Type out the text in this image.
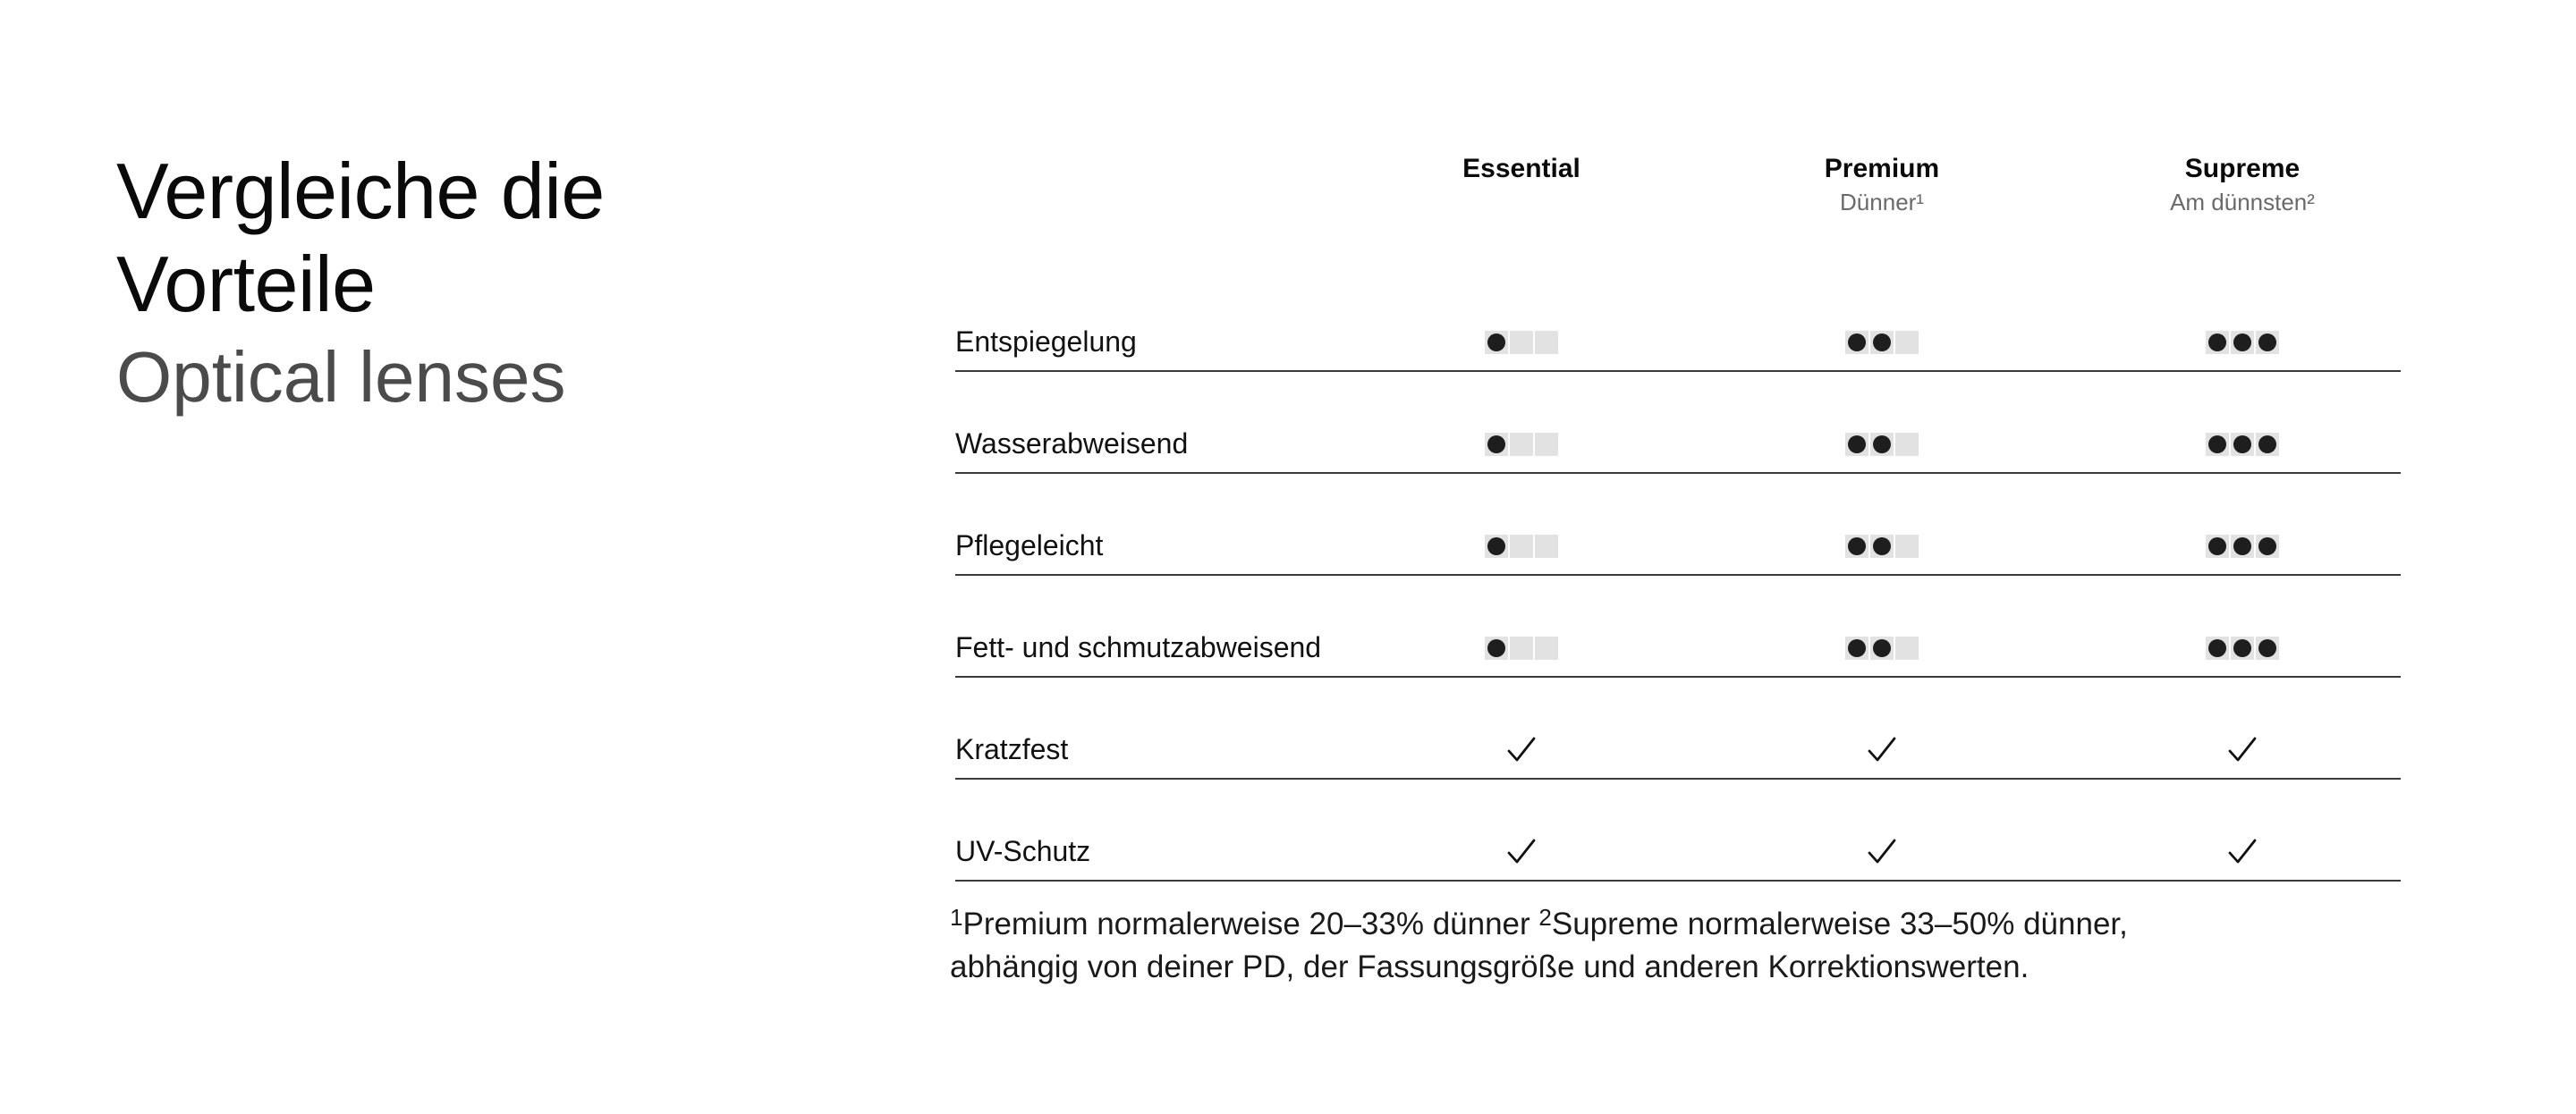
Vergleiche die
Vorteile
Optical lenses
Essential	Premium
Dünner¹
Supreme
Am dünnsten²
Entspiegelung
Wasserabweisend
Pflegeleicht
Fett- und schmutzabweisend
Kratzfest
UV-Schutz
$^1$Premium normalerweise 20–33% dünner $^2$Supreme normalerweise 33–50% dünner,
abhängig von deiner PD, der Fassungsgröße und anderen Korrektionswerten.
